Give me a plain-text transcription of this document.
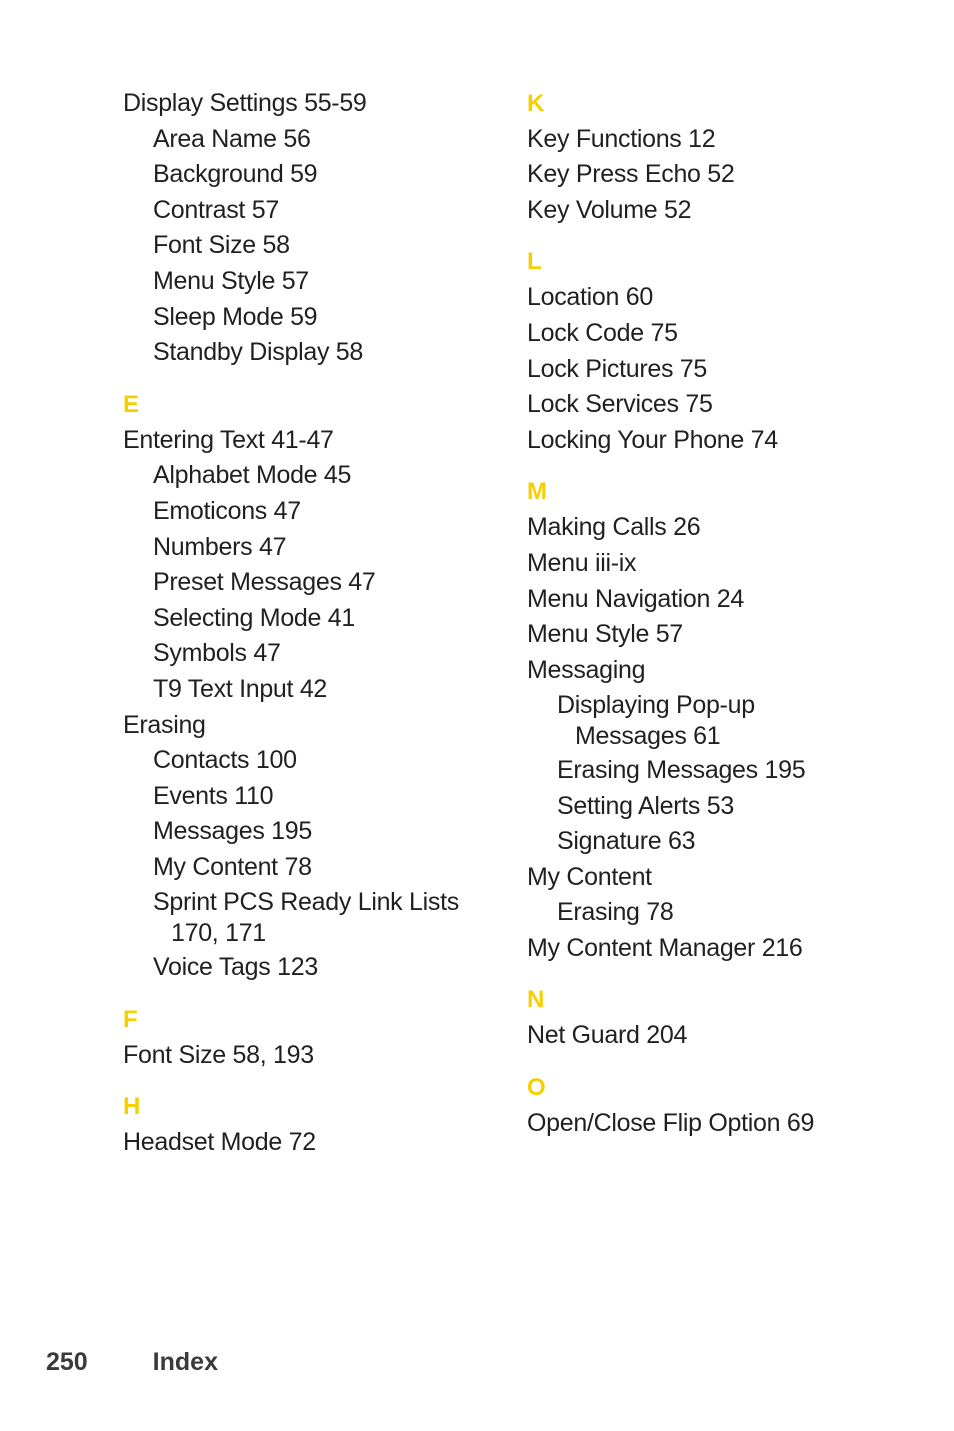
Display Settings 55-59
Area Name 56
Background 59
Contrast 57
Font Size 58
Menu Style 57
Sleep Mode 59
Standby Display 58
E
Entering Text 41-47
Alphabet Mode 45
Emoticons 47
Numbers 47
Preset Messages 47
Selecting Mode 41
Symbols 47
T9 Text Input 42
Erasing
Contacts 100
Events 110
Messages 195
My Content 78
Sprint PCS Ready Link Lists
170, 171
Voice Tags 123
F
Font Size 58, 193
H
Headset Mode 72
K
Key Functions 12
Key Press Echo 52
Key Volume 52
L
Location 60
Lock Code 75
Lock Pictures 75
Lock Services 75
Locking Your Phone 74
M
Making Calls 26
Menu iii-ix
Menu Navigation 24
Menu Style 57
Messaging
Displaying Pop-up
Messages 61
Erasing Messages 195
Setting Alerts 53
Signature 63
My Content
Erasing 78
My Content Manager 216
N
Net Guard 204
O
Open/Close Flip Option 69
250	Index
